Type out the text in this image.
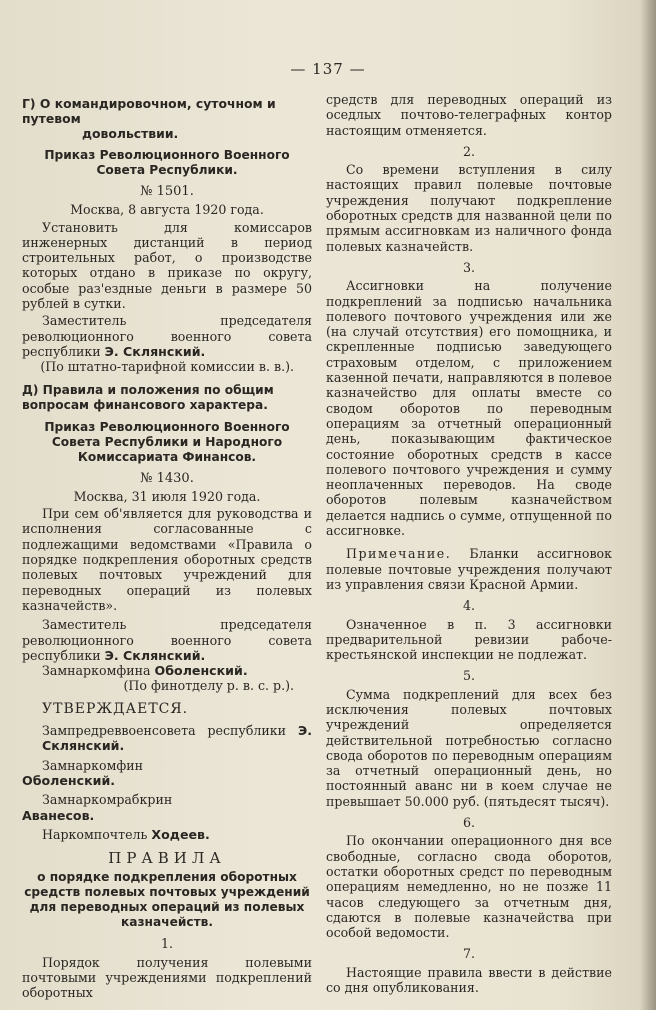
— 137 —
Г) О командировочном, суточном и путевом
довольствии.
Приказ Революционного Военного Совета Республики.
№ 1501.
Москва, 8 августа 1920 года.

Установить для комиссаров инженерных дистанций в период строительных работ, о производстве которых отдано в приказе по округу, особые раз'ездные деньги в размере 50 рублей в сутки.

Заместитель председателя революционного военного совета республики Э. Склянский.

(По штатно-тарифной комиссии в. в.).

Д) Правила и положения по общим вопросам финансового характера.
Приказ Революционного Военного Совета Республики и Народного Комиссариата Финансов.
№ 1430.
Москва, 31 июля 1920 года.

При сем об'является для руководства и исполнения согласованные с подлежащими ведомствами «Правила о порядке подкрепления оборотных средств полевых почтовых учреждений для переводных операций из полевых казначейств».

Заместитель председателя революционного военного совета республики Э. Склянский.

Замнаркомфина Оболенский.

(По финотделу р. в. с. р.).

УТВЕРЖДАЕТСЯ.

Зампредреввоенсовета республики Э. Склянский.

Замнаркомфин
Оболенский.

Замнаркомрабкрин
Аванесов.

Наркомпочтель Ходеев.

ПРАВИЛА
о порядке подкрепления оборотных средств полевых почтовых учреждений для переводных операций из полевых казначейств.
1.

Порядок получения полевыми почтовыми учреждениями подкреплений оборотных

средств для переводных операций из оседлых почтово-телеграфных контор настоящим отменяется.

2.

Со времени вступления в силу настоящих правил полевые почтовые учреждения получают подкрепление оборотных средств для названной цели по прямым ассигновкам из наличного фонда полевых казначейств.

3.

Ассигновки на получение подкреплений за подписью начальника полевого почтового учреждения или же (на случай отсутствия) его помощника, и скрепленные подписью заведующего страховым отделом, с приложением казенной печати, направляются в полевое казначейство для оплаты вместе со сводом оборотов по переводным операциям за отчетный операционный день, показывающим фактическое состояние оборотных средств в кассе полевого почтового учреждения и сумму неоплаченных переводов. На своде оборотов полевым казначейством делается надпись о сумме, отпущенной по ассигновке.

Примечание. Бланки ассигновок полевые почтовые учреждения получают из управления связи Красной Армии.

4.

Означенное в п. 3 ассигновки предварительной ревизии рабоче-крестьянской инспекции не подлежат.

5.

Сумма подкреплений для всех без исключения полевых почтовых учреждений определяется действительной потребностью согласно свода оборотов по переводным операциям за отчетный операционный день, но постоянный аванс ни в коем случае не превышает 50.000 руб. (пятьдесят тысяч).

6.

По окончании операционного дня все свободные, согласно свода оборотов, остатки оборотных средст по переводным операциям немедленно, но не позже 11 часов следующего за отчетным дня, сдаются в полевые казначейства при особой ведомости.

7.

Настоящие правила ввести в действие со дня опубликования.
